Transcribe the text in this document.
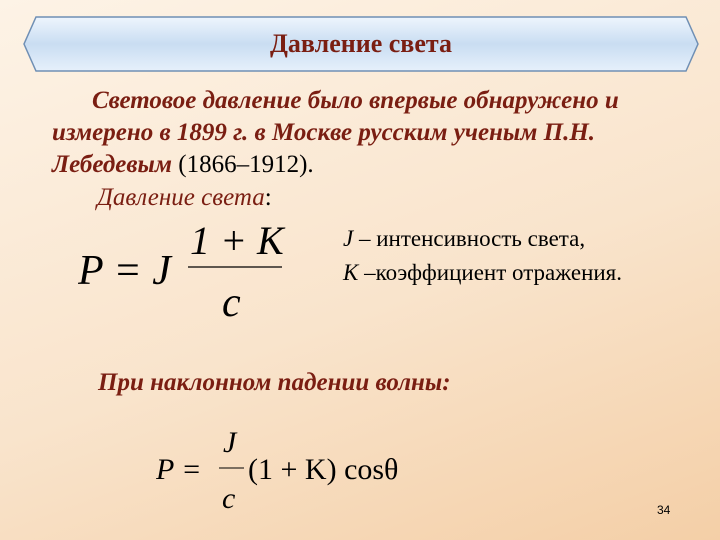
Давление света
Световое давление было впервые обнаружено и измерено в 1899 г. в Москве русским ученым П.Н. Лебедевым (1866–1912).
Давление света:
P = J
1 + K
c
J – интенсивность света,
K –коэффициент отражения.
При наклонном падении волны:
P =
J
c
(1 + K) cosθ
34
